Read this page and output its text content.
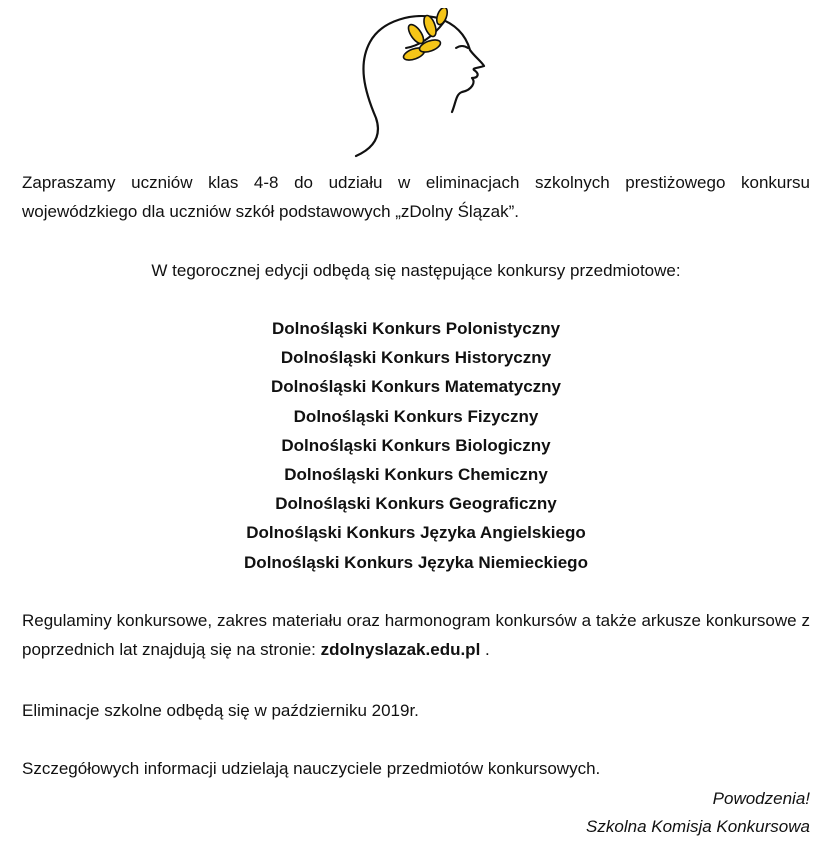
Zapraszamy uczniów klas 4-8 do udziału w eliminacjach szkolnych prestiżowego konkursu wojewódzkiego dla uczniów szkół podstawowych „zDolny Ślązak”.
W tegorocznej edycji odbędą się następujące konkursy przedmiotowe:
Dolnośląski Konkurs Polonistyczny
Dolnośląski Konkurs Historyczny
Dolnośląski Konkurs Matematyczny
Dolnośląski Konkurs Fizyczny
Dolnośląski Konkurs Biologiczny
Dolnośląski Konkurs Chemiczny
Dolnośląski Konkurs Geograficzny
Dolnośląski Konkurs Języka Angielskiego
Dolnośląski Konkurs Języka Niemieckiego
Regulaminy konkursowe, zakres materiału oraz harmonogram konkursów a także arkusze konkursowe z poprzednich lat znajdują się na stronie: zdolnyslazak.edu.pl .
Eliminacje szkolne odbędą się w październiku 2019r.
Szczegółowych informacji udzielają nauczyciele przedmiotów konkursowych.
Powodzenia!
Szkolna Komisja Konkursowa
